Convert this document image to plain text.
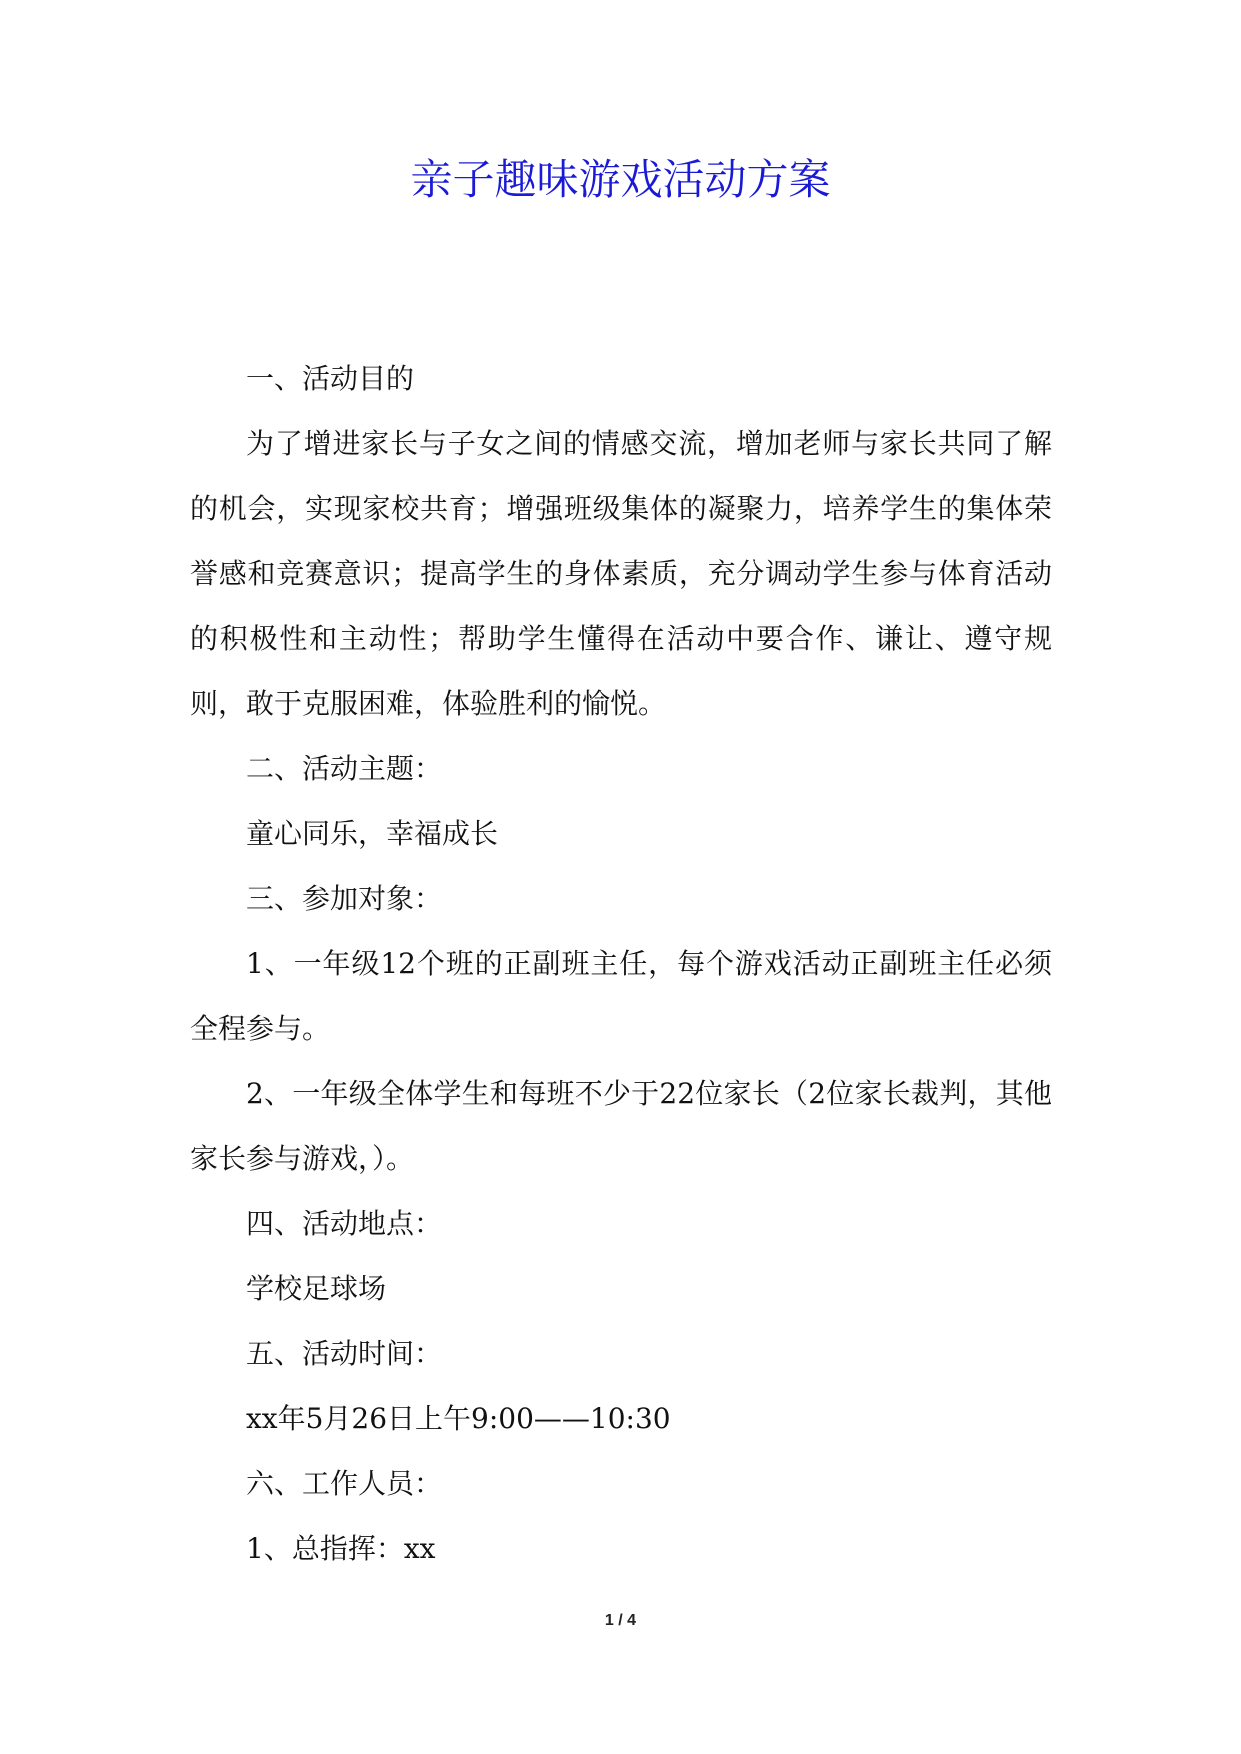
亲子趣味游戏活动方案

一、活动目的

为了增进家长与子女之间的情感交流，增加老师与家长共同了解的机会，实现家校共育；增强班级集体的凝聚力，培养学生的集体荣誉感和竞赛意识；提高学生的身体素质，充分调动学生参与体育活动的积极性和主动性；帮助学生懂得在活动中要合作、谦让、遵守规则，敢于克服困难，体验胜利的愉悦。

二、活动主题：

童心同乐，幸福成长

三、参加对象：

1、一年级12个班的正副班主任，每个游戏活动正副班主任必须全程参与。

2、一年级全体学生和每班不少于22位家长（2位家长裁判，其他家长参与游戏，）。

四、活动地点：

学校足球场

五、活动时间：

xx年5月26日上午9:00——10:30

六、工作人员：

1、总指挥：xx

1 / 4
